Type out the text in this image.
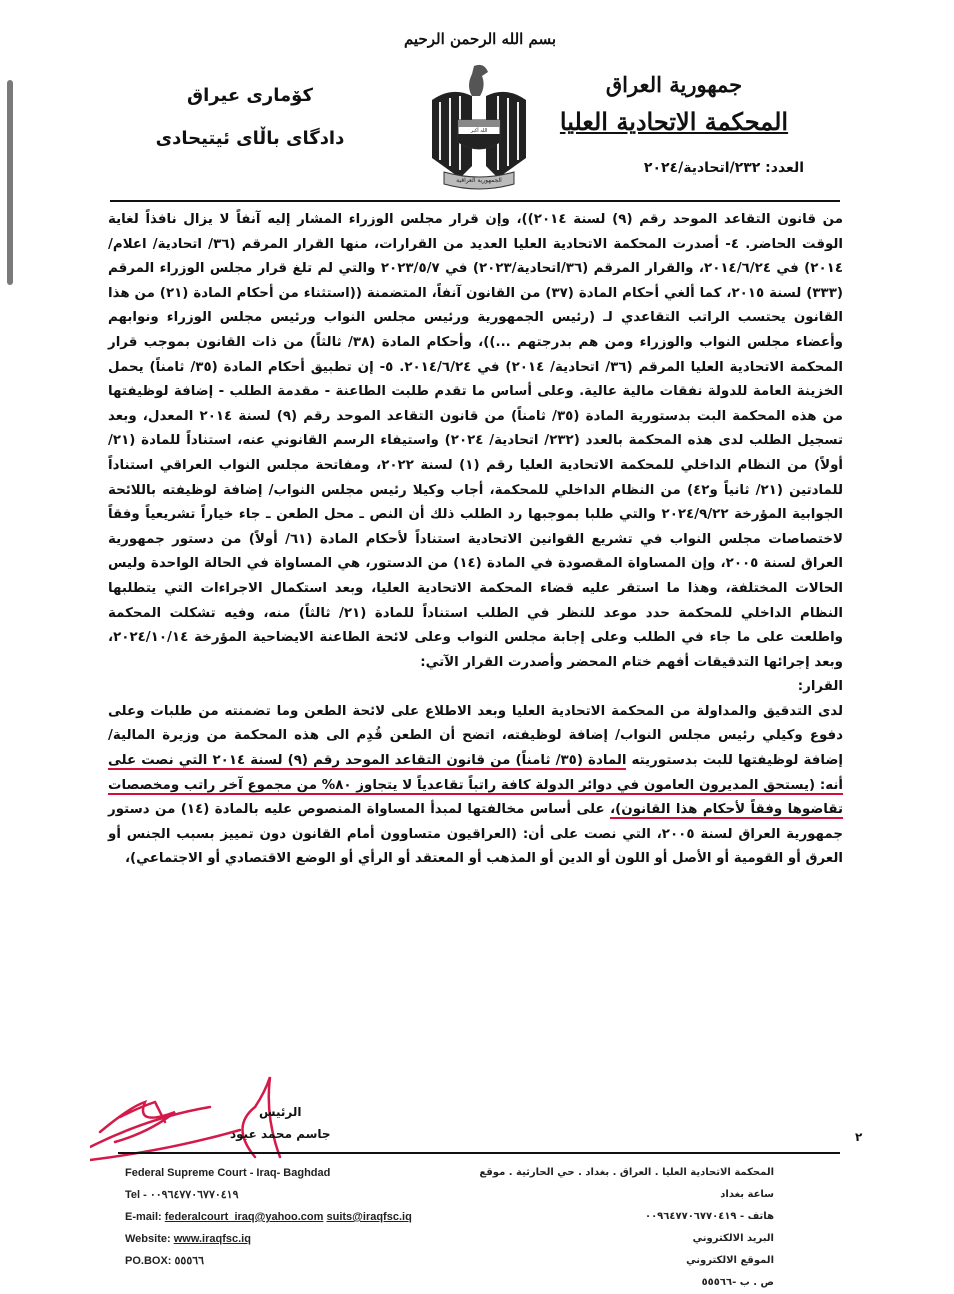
بسم الله الرحمن الرحيم
الله أكبر
الجمهورية العراقية
جمهورية العراق
المحكمة الاتحادية العليا
العدد: ٢٣٢/اتحادية/٢٠٢٤
كۆماری عیراق
دادگای باڵای ئیتیحادی

من قانون التقاعد الموحد رقم (٩) لسنة ٢٠١٤))، وإن قرار مجلس الوزراء المشار إليه آنفاً لا يزال نافذاً لغاية الوقت الحاضر. ٤- أصدرت المحكمة الاتحادية العليا العديد من القرارات، منها القرار المرقم (٣٦/ اتحادية/ اعلام/٢٠١٤) في ٢٠١٤/٦/٢٤، والقرار المرقم (٣٦/اتحادية/٢٠٢٣) في ٢٠٢٣/٥/٧ والتي لم تلغ قرار مجلس الوزراء المرقم (٣٣٣) لسنة ٢٠١٥، كما ألغي أحكام المادة (٣٧) من القانون آنفاً، المتضمنة ((استثناء من أحكام المادة (٢١) من هذا القانون يحتسب الراتب التقاعدي لـ (رئيس الجمهورية ورئيس مجلس النواب ورئيس مجلس الوزراء ونوابهم وأعضاء مجلس النواب والوزراء ومن هم بدرجتهم ...))، وأحكام المادة (٣٨/ ثالثاً) من ذات القانون بموجب قرار المحكمة الاتحادية العليا المرقم (٣٦/ اتحادية/ ٢٠١٤) في ٢٠١٤/٦/٢٤. ٥- إن تطبيق أحكام المادة (٣٥/ ثامناً) يحمل الخزينة العامة للدولة نفقات مالية عالية. وعلى أساس ما تقدم طلبت الطاعنة - مقدمة الطلب - إضافة لوظيفتها من هذه المحكمة البت بدستورية المادة (٣٥/ ثامناً) من قانون التقاعد الموحد رقم (٩) لسنة ٢٠١٤ المعدل، وبعد تسجيل الطلب لدى هذه المحكمة بالعدد (٢٣٢/ اتحادية/ ٢٠٢٤) واستيفاء الرسم القانوني عنه، استناداً للمادة (٢١/ أولاً) من النظام الداخلي للمحكمة الاتحادية العليا رقم (١) لسنة ٢٠٢٢، ومفاتحة مجلس النواب العراقي استناداً للمادتين (٢١/ ثانياً و٤٢) من النظام الداخلي للمحكمة، أجاب وكيلا رئيس مجلس النواب/ إضافة لوظيفته باللائحة الجوابية المؤرخة ٢٠٢٤/٩/٢٢ والتي طلبا بموجبها رد الطلب ذلك أن النص ـ محل الطعن ـ جاء خياراً تشريعياً وفقاً لاختصاصات مجلس النواب في تشريع القوانين الاتحادية استناداً لأحكام المادة (٦١/ أولاً) من دستور جمهورية العراق لسنة ٢٠٠٥، وإن المساواة المقصودة في المادة (١٤) من الدستور، هي المساواة في الحالة الواحدة وليس الحالات المختلفة، وهذا ما استقر عليه قضاء المحكمة الاتحادية العليا، وبعد استكمال الاجراءات التي يتطلبها النظام الداخلي للمحكمة حدد موعد للنظر في الطلب استناداً للمادة (٢١/ ثالثاً) منه، وفيه تشكلت المحكمة واطلعت على ما جاء في الطلب وعلى إجابة مجلس النواب وعلى لائحة الطاعنة الايضاحية المؤرخة ٢٠٢٤/١٠/١٤، وبعد إجرائها التدقيقات أفهم ختام المحضر وأصدرت القرار الآتي:

القرار:

لدى التدقيق والمداولة من المحكمة الاتحادية العليا وبعد الاطلاع على لائحة الطعن وما تضمنته من طلبات وعلى دفوع وكيلي رئيس مجلس النواب/ إضافة لوظيفته، اتضح أن الطعن قُدِم الى هذه المحكمة من وزيرة المالية/ إضافة لوظيفتها للبت بدستوريته المادة (٣٥/ ثامناً) من قانون التقاعد الموحد رقم (٩) لسنة ٢٠١٤ التي نصت على أنه: (يستحق المديرون العامون في دوائر الدولة كافة راتباً تقاعدياً لا يتجاوز ٨٠% من مجموع آخر راتب ومخصصات تقاضوها وفقاً لأحكام هذا القانون)، على أساس مخالفتها لمبدأ المساواة المنصوص عليه بالمادة (١٤) من دستور جمهورية العراق لسنة ٢٠٠٥، التي نصت على أن: (العراقيون متساوون أمام القانون دون تمييز بسبب الجنس أو العرق أو القومية أو الأصل أو اللون أو الدين أو المذهب أو المعتقد أو الرأي أو الوضع الاقتصادي أو الاجتماعي)،

الرئيس
جاسم محمد عبود	٢
Federal Supreme Court - Iraq- Baghdad
Tel - ٠٠٩٦٤٧٧٠٦٧٧٠٤١٩
E-mail: federalcourt_iraq@yahoo.com suits@iraqfsc.iq
Website: www.iraqfsc.iq
PO.BOX: ٥٥٥٦٦
المحكمة الاتحادية العليا . العراق . بغداد . حي الحارثية . موقع ساعة بغداد
هاتف - ٠٠٩٦٤٧٧٠٦٧٧٠٤١٩
البريد الالكتروني
الموقع الالكتروني
ص . ب -٥٥٥٦٦
